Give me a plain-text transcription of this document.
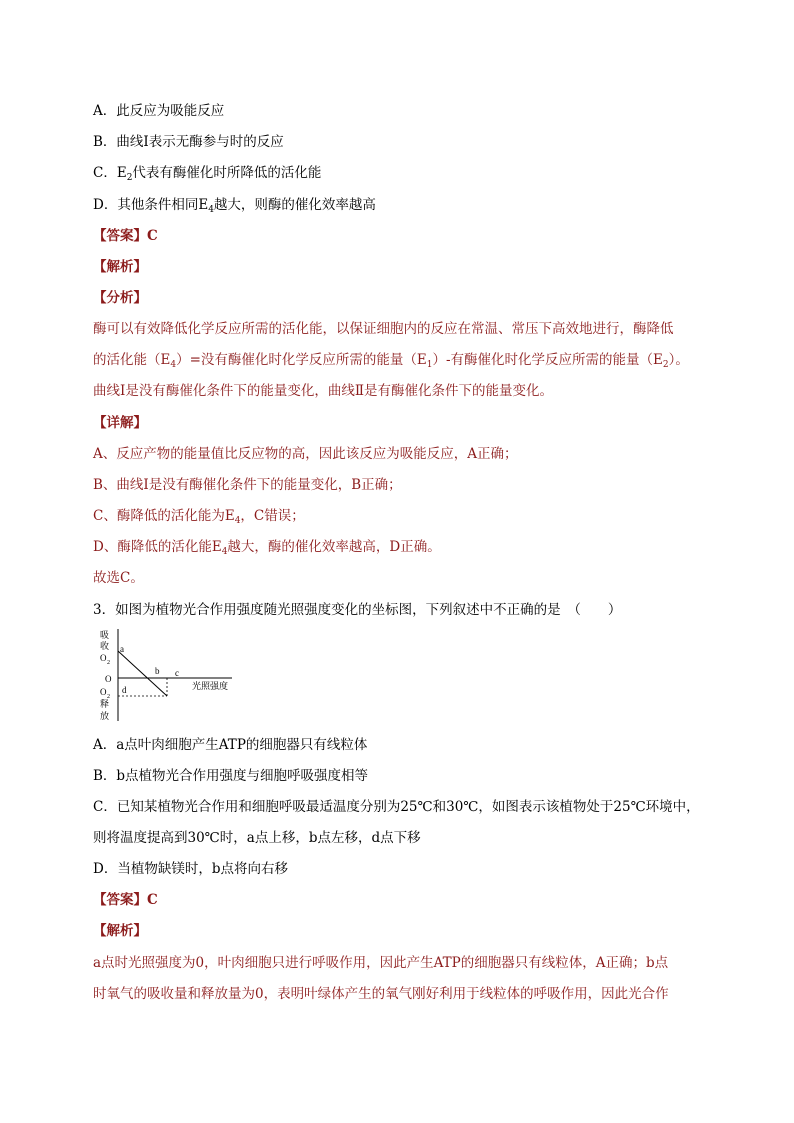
A．此反应为吸能反应
B．曲线Ⅰ表示无酶参与时的反应
C．$E_2$代表有酶催化时所降低的活化能
D．其他条件相同$E_4$越大，则酶的催化效率越高
【答案】C
【解析】
【分析】
酶可以有效降低化学反应所需的活化能，以保证细胞内的反应在常温、常压下高效地进行，酶降低
的活化能$(E_4)=$没有酶催化时化学反应所需的能量$(E_1)-$有酶催化时化学反应所需的能量$(E_2)$。
曲线Ⅰ是没有酶催化条件下的能量变化，曲线Ⅱ是有酶催化条件下的能量变化。
【详解】
A、反应产物的能量值比反应物的高，因此该反应为吸能反应，A正确；
B、曲线Ⅰ是没有酶催化条件下的能量变化，B正确；
C、酶降低的活化能为$E_4$，C错误；
D、酶降低的活化能$E_4$越大，酶的催化效率越高，D正确。
故选C。
3．如图为植物光合作用强度随光照强度变化的坐标图，下列叙述中不正确的是　（　　）
吸
收
O 2
O
O 2
释
放
a
b c
d	光照强度
A．a点叶肉细胞产生ATP的细胞器只有线粒体
B．b点植物光合作用强度与细胞呼吸强度相等
C．已知某植物光合作用和细胞呼吸最适温度分别为25℃和30℃，如图表示该植物处于25℃环境中，
则将温度提高到30℃时，a点上移，b点左移，d点下移
D．当植物缺镁时，b点将向右移
【答案】C
【解析】
a点时光照强度为0，叶肉细胞只进行呼吸作用，因此产生ATP的细胞器只有线粒体，A正确；b点
时氧气的吸收量和释放量为0，表明叶绿体产生的氧气刚好利用于线粒体的呼吸作用，因此光合作
